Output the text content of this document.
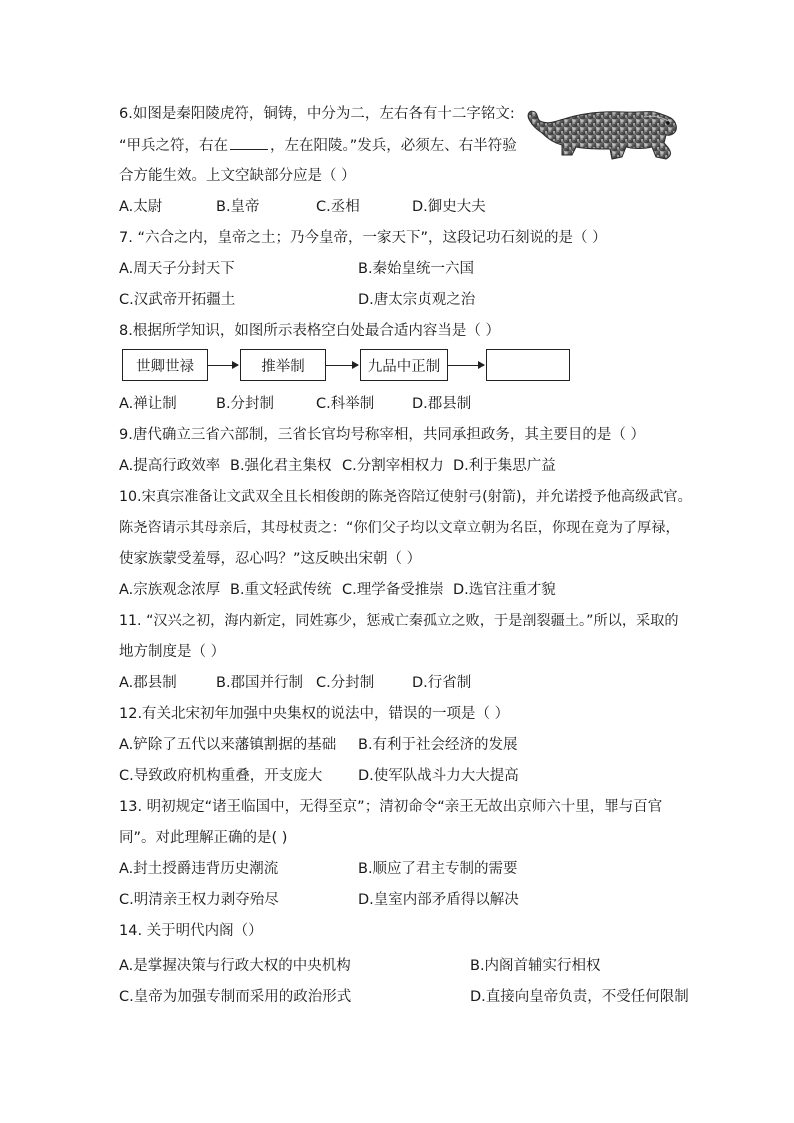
6.如图是秦阳陵虎符，铜铸，中分为二，左右各有十二字铭文:
“甲兵之符，右在	，左在阳陵。”发兵，必须左、右半符验
合方能生效。上文空缺部分应是（ ）
A.太尉	B.皇帝	C.丞相	D.御史大夫
7. “六合之内，皇帝之土；乃今皇帝，一家天下”，这段记功石刻说的是（ ）
A.周天子分封天下	B.秦始皇统一六国
C.汉武帝开拓疆土	D.唐太宗贞观之治
8.根据所学知识，如图所示表格空白处最合适内容当是（ ）
世卿世禄	推举制	九品中正制
A.禅让制	B.分封制	C.科举制	D.郡县制
9.唐代确立三省六部制，三省长官均号称宰相，共同承担政务，其主要目的是（ ）
A.提高行政效率 B.强化君主集权 C.分割宰相权力 D.利于集思广益
10.宋真宗准备让文武双全且长相俊朗的陈尧咨陪辽使射弓(射箭)，并允诺授予他高级武官。
陈尧咨请示其母亲后，其母杖责之：“你们父子均以文章立朝为名臣，你现在竟为了厚禄，
使家族蒙受羞辱，忍心吗？”这反映出宋朝（ ）
A.宗族观念浓厚 B.重文轻武传统 C.理学备受推崇 D.选官注重才貌
11. “汉兴之初，海内新定，同姓寡少，惩戒亡秦孤立之败，于是剖裂疆土。”所以，采取的
地方制度是（ ）
A.郡县制	B.郡国并行制 C.分封制	D.行省制
12.有关北宋初年加强中央集权的说法中，错误的一项是（ ）
A.铲除了五代以来藩镇割据的基础 B.有利于社会经济的发展
C.导致政府机构重叠，开支庞大 D.使军队战斗力大大提高
13. 明初规定“诸王临国中，无得至京”；清初命令“亲王无故出京师六十里，罪与百官
同”。对此理解正确的是( )
A.封土授爵违背历史潮流	B.顺应了君主专制的需要
C.明清亲王权力剥夺殆尽	D.皇室内部矛盾得以解决
14. 关于明代内阁（）
A.是掌握决策与行政大权的中央机构	B.内阁首辅实行相权
C.皇帝为加强专制而采用的政治形式	D.直接向皇帝负责，不受任何限制
